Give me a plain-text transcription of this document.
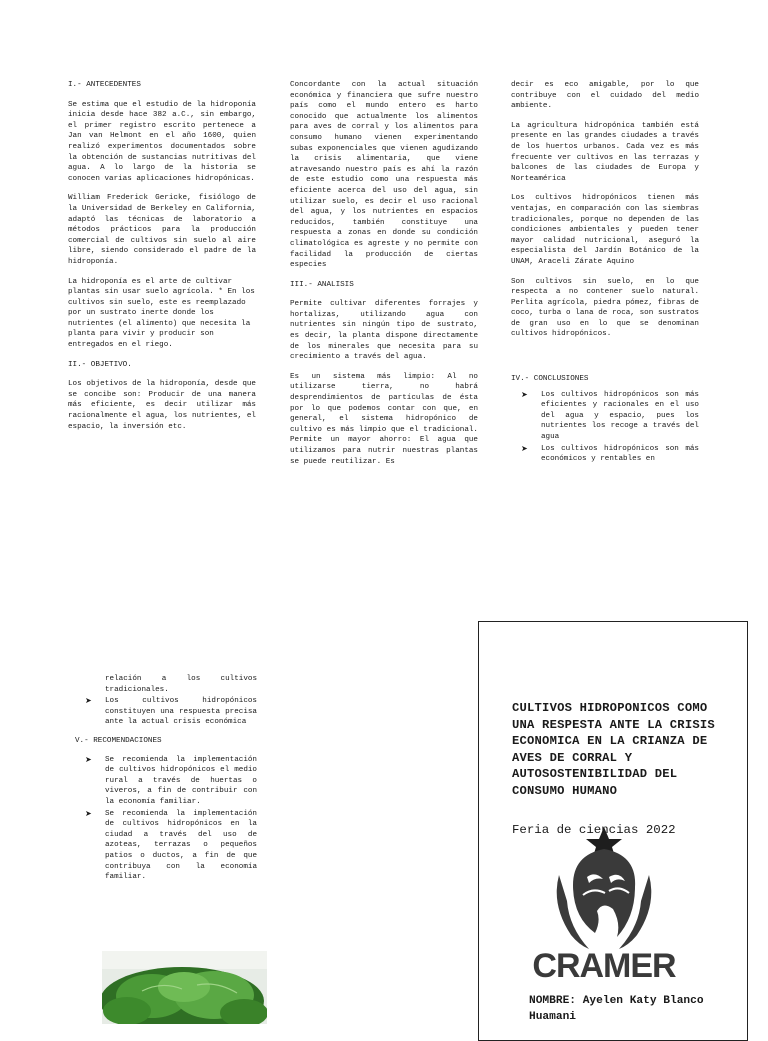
I.- ANTECEDENTES

Se estima que el estudio de la hidroponía inicia desde hace 382 a.C., sin embargo, el primer registro escrito pertenece a Jan van Helmont en el año 1600, quien realizó experimentos documentados sobre la obtención de sustancias nutritivas del agua. A lo largo de la historia se conocen varias aplicaciones hidropónicas.

William Frederick Gericke, fisiólogo de la Universidad de Berkeley en California, adaptó las técnicas de laboratorio a métodos prácticos para la producción comercial de cultivos sin suelo al aire libre, siendo considerado el padre de la hidroponía.

La hidroponía es el arte de cultivar plantas sin usar suelo agrícola. * En los cultivos sin suelo, este es reemplazado por un sustrato inerte donde los nutrientes (el alimento) que necesita la planta para vivir y producir son entregados en el riego.

II.- OBJETIVO.

Los objetivos de la hidroponía, desde que se concibe son: Producir de una manera más eficiente, es decir utilizar más racionalmente el agua, los nutrientes, el espacio, la inversión etc.

Concordante con la actual situación económica y financiera que sufre nuestro país como el mundo entero es harto conocido que actualmente los alimentos para aves de corral y los alimentos para consumo humano vienen experimentando subas exponenciales que vienen agudizando la crisis alimentaria, que viene atravesando nuestro país es ahí la razón de este estudio como una respuesta más eficiente acerca del uso del agua, sin utilizar suelo, es decir el uso racional del agua, y los nutrientes en espacios reducidos, también constituye una respuesta a zonas en donde su condición climatológica es agreste y no permite con facilidad la producción de ciertas especies

III.- ANALISIS

Permite cultivar diferentes forrajes y hortalizas, utilizando agua con nutrientes sin ningún tipo de sustrato, es decir, la planta dispone directamente de los minerales que necesita para su crecimiento a través del agua.

Es un sistema más limpio: Al no utilizarse tierra, no habrá desprendimientos de partículas de ésta por lo que podemos contar con que, en general, el sistema hidropónico de cultivo es más limpio que el tradicional. Permite un mayor ahorro: El agua que utilizamos para nutrir nuestras plantas se puede reutilizar. Es

decir es eco amigable, por lo que contribuye con el cuidado del medio ambiente.

La agricultura hidropónica también está presente en las grandes ciudades a través de los huertos urbanos. Cada vez es más frecuente ver cultivos en las terrazas y balcones de las ciudades de Europa y Norteamérica

Los cultivos hidropónicos tienen más ventajas, en comparación con las siembras tradicionales, porque no dependen de las condiciones ambientales y pueden tener mayor calidad nutricional, aseguró la especialista del Jardín Botánico de la UNAM, Araceli Zárate Aquino

Son cultivos sin suelo, en lo que respecta a no contener suelo natural. Perlita agrícola, piedra pómez, fibras de coco, turba o lana de roca, son sustratos de gran uso en lo que se denominan cultivos hidropónicos.

IV.- CONCLUSIONES
➤ Los cultivos hidropónicos son más eficientes y racionales en el uso del agua y espacio, pues los nutrientes los recoge a través del agua
➤ Los cultivos hidropónicos son más económicos y rentables en
relación a los cultivos tradicionales.
➤ Los cultivos hidropónicos constituyen una respuesta precisa ante la actual crisis económica
V.- RECOMENDACIONES
➤ Se recomienda la implementación de cultivos hidropónicos el medio rural a través de huertas o viveros, a fin de contribuir con la economía familiar.
➤ Se recomienda la implementación de cultivos hidropónicos en la ciudad a través del uso de azoteas, terrazas o pequeños patios o ductos, a fin de que contribuya con la economía familiar.
CULTIVOS HIDROPONICOS COMO UNA RESPESTA ANTE LA CRISIS ECONOMICA EN LA CRIANZA DE AVES DE CORRAL Y AUTOSOSTENIBILIDAD DEL CONSUMO HUMANO
CRAMER
Feria de ciencias 2022
NOMBRE: Ayelen Katy Blanco Huamani
